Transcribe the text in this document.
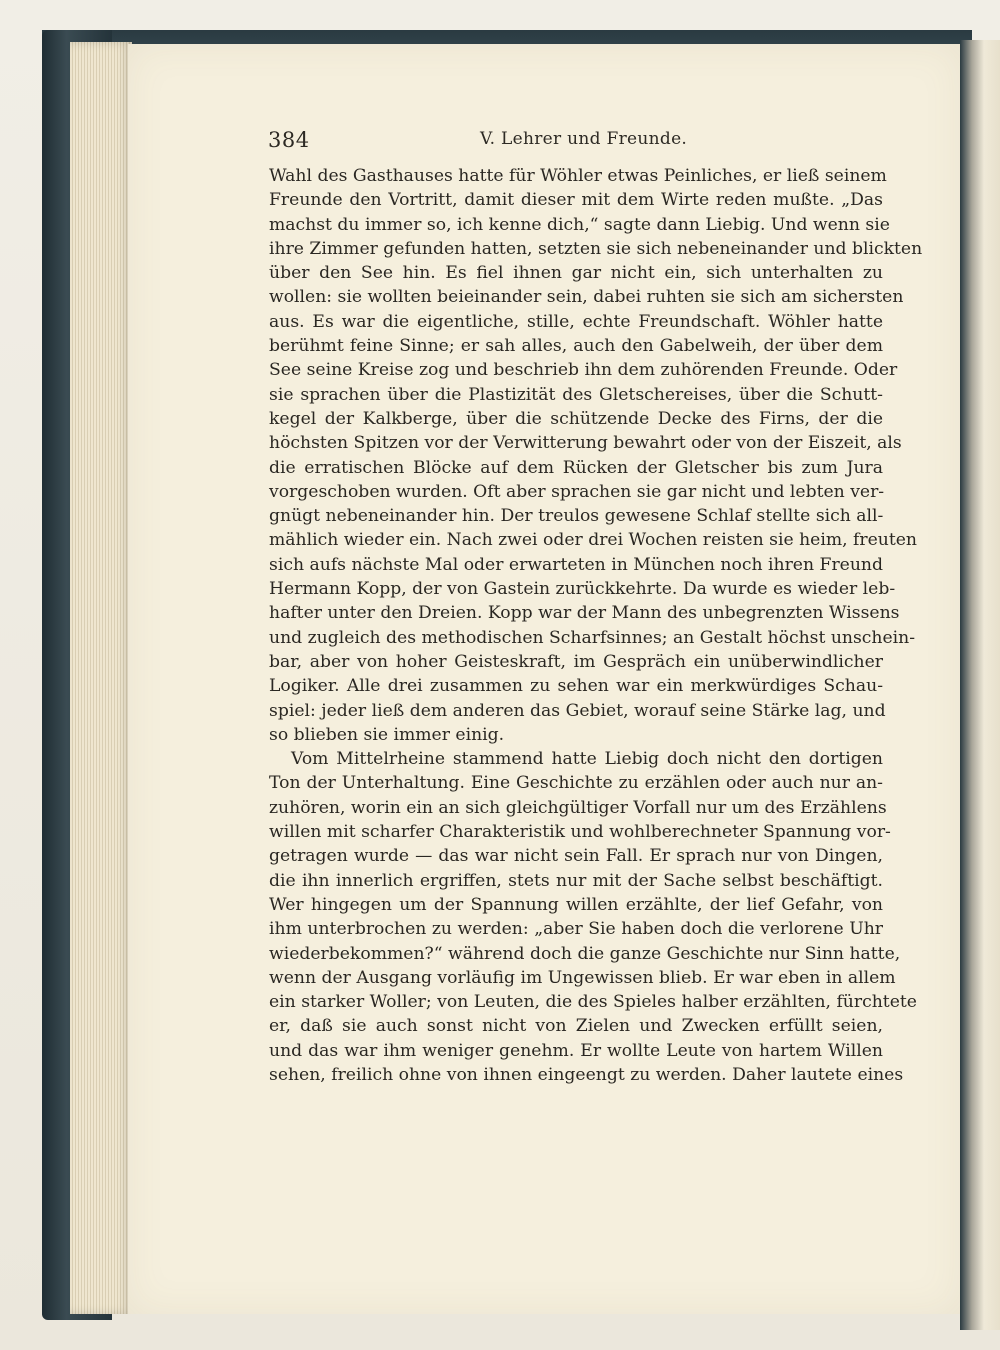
384	V. Lehrer und Freunde.
Wahl des Gasthauses hatte für Wöhler etwas Peinliches, er ließ seinem
Freunde den Vortritt, damit dieser mit dem Wirte reden mußte. „Das
machst du immer so, ich kenne dich,“ sagte dann Liebig. Und wenn sie
ihre Zimmer gefunden hatten, setzten sie sich nebeneinander und blickten
über den See hin. Es fiel ihnen gar nicht ein, sich unterhalten zu
wollen: sie wollten beieinander sein, dabei ruhten sie sich am sichersten
aus. Es war die eigentliche, stille, echte Freundschaft. Wöhler hatte
berühmt feine Sinne; er sah alles, auch den Gabelweih, der über dem
See seine Kreise zog und beschrieb ihn dem zuhörenden Freunde. Oder
sie sprachen über die Plastizität des Gletschereises, über die Schutt-
kegel der Kalkberge, über die schützende Decke des Firns, der die
höchsten Spitzen vor der Verwitterung bewahrt oder von der Eiszeit, als
die erratischen Blöcke auf dem Rücken der Gletscher bis zum Jura
vorgeschoben wurden. Oft aber sprachen sie gar nicht und lebten ver-
gnügt nebeneinander hin. Der treulos gewesene Schlaf stellte sich all-
mählich wieder ein. Nach zwei oder drei Wochen reisten sie heim, freuten
sich aufs nächste Mal oder erwarteten in München noch ihren Freund
Hermann Kopp, der von Gastein zurückkehrte. Da wurde es wieder leb-
hafter unter den Dreien. Kopp war der Mann des unbegrenzten Wissens
und zugleich des methodischen Scharfsinnes; an Gestalt höchst unschein-
bar, aber von hoher Geisteskraft, im Gespräch ein unüberwindlicher
Logiker. Alle drei zusammen zu sehen war ein merkwürdiges Schau-
spiel: jeder ließ dem anderen das Gebiet, worauf seine Stärke lag, und
so blieben sie immer einig.
Vom Mittelrheine stammend hatte Liebig doch nicht den dortigen
Ton der Unterhaltung. Eine Geschichte zu erzählen oder auch nur an-
zuhören, worin ein an sich gleichgültiger Vorfall nur um des Erzählens
willen mit scharfer Charakteristik und wohlberechneter Spannung vor-
getragen wurde — das war nicht sein Fall. Er sprach nur von Dingen,
die ihn innerlich ergriffen, stets nur mit der Sache selbst beschäftigt.
Wer hingegen um der Spannung willen erzählte, der lief Gefahr, von
ihm unterbrochen zu werden: „aber Sie haben doch die verlorene Uhr
wiederbekommen?“ während doch die ganze Geschichte nur Sinn hatte,
wenn der Ausgang vorläufig im Ungewissen blieb. Er war eben in allem
ein starker Woller; von Leuten, die des Spieles halber erzählten, fürchtete
er, daß sie auch sonst nicht von Zielen und Zwecken erfüllt seien,
und das war ihm weniger genehm. Er wollte Leute von hartem Willen
sehen, freilich ohne von ihnen eingeengt zu werden. Daher lautete eines
